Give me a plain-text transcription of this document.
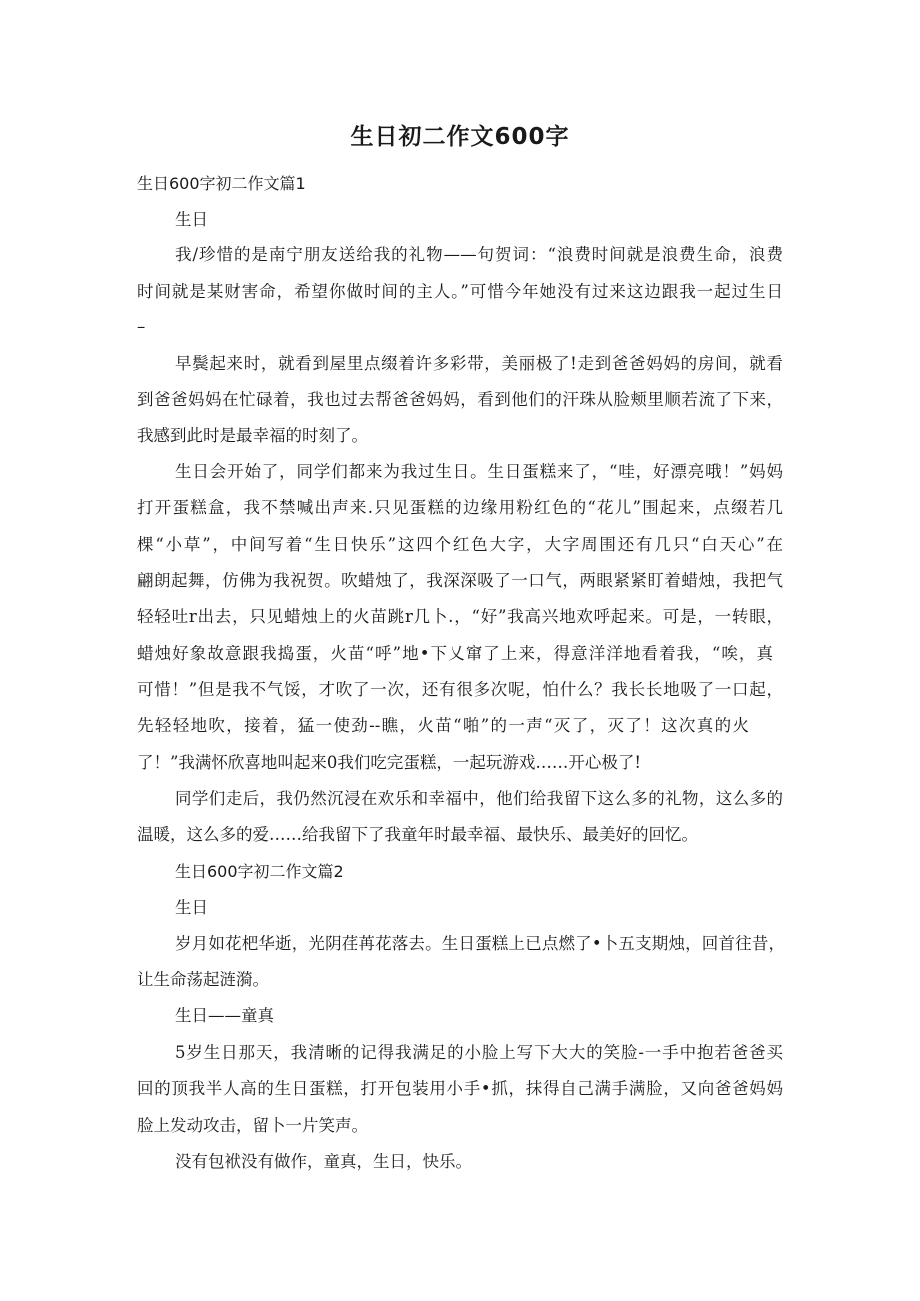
生日初二作文600字

生日600字初二作文篇1

生日

我/珍惜的是南宁朋友送给我的礼物——句贺词：“浪费时间就是浪费生命，浪费

时间就是某财害命，希望你做时间的主人。”可惜今年她没有过来这边跟我一起过生日

–

早鬓起来时，就看到屋里点缀着许多彩带，美丽极了!走到爸爸妈妈的房间，就看

到爸爸妈妈在忙碌着，我也过去帮爸爸妈妈，看到他们的汗珠从脸颊里顺若流了下来，

我感到此时是最幸福的时刻了。

生日会开始了，同学们都来为我过生日。生日蛋糕来了，“哇，好漂亮哦！”妈妈

打开蛋糕盒，我不禁喊出声来.只见蛋糕的边缘用粉红色的“花儿”围起来，点缀若几

棵“小草”，中间写着“生日快乐”这四个红色大字，大字周围还有几只“白天心”在

翩朗起舞，仿佛为我祝贺。吹蜡烛了，我深深吸了一口气，两眼紧紧盯着蜡烛，我把气

轻轻吐r出去，只见蜡烛上的火苗跳r几卜.，“好”我高兴地欢呼起来。可是，一转眼，

蜡烛好象故意跟我捣蛋，火苗“呼”地•下乂窜了上来，得意洋洋地看着我，“唉，真

可惜！”但是我不气馁，才吹了一次，还有很多次呢，怕什么？我长长地吸了一口起，

先轻轻地吹，接着，猛一使劲--瞧，火苗“啪”的一声“灭了，灭了！这次真的火

了！”我满怀欣喜地叫起来0我们吃完蛋糕，一起玩游戏……开心极了!

同学们走后，我仍然沉浸在欢乐和幸福中，他们给我留下这么多的礼物，这么多的

温暖，这么多的爱……给我留下了我童年时最幸福、最快乐、最美好的回忆。

生日600字初二作文篇2

生日

岁月如花杷华逝，光阴荏苒花落去。生日蛋糕上已点燃了•卜五支期烛，回首往昔，

让生命荡起涟漪。

生日——童真

5岁生日那天，我清晰的记得我满足的小脸上写下大大的笑脸-一手中抱若爸爸买

回的顶我半人高的生日蛋糕，打开包装用小手•抓，抹得自己满手满脸，又向爸爸妈妈

脸上发动攻击，留卜一片笑声。

没有包袱没有做作，童真，生日，快乐。
